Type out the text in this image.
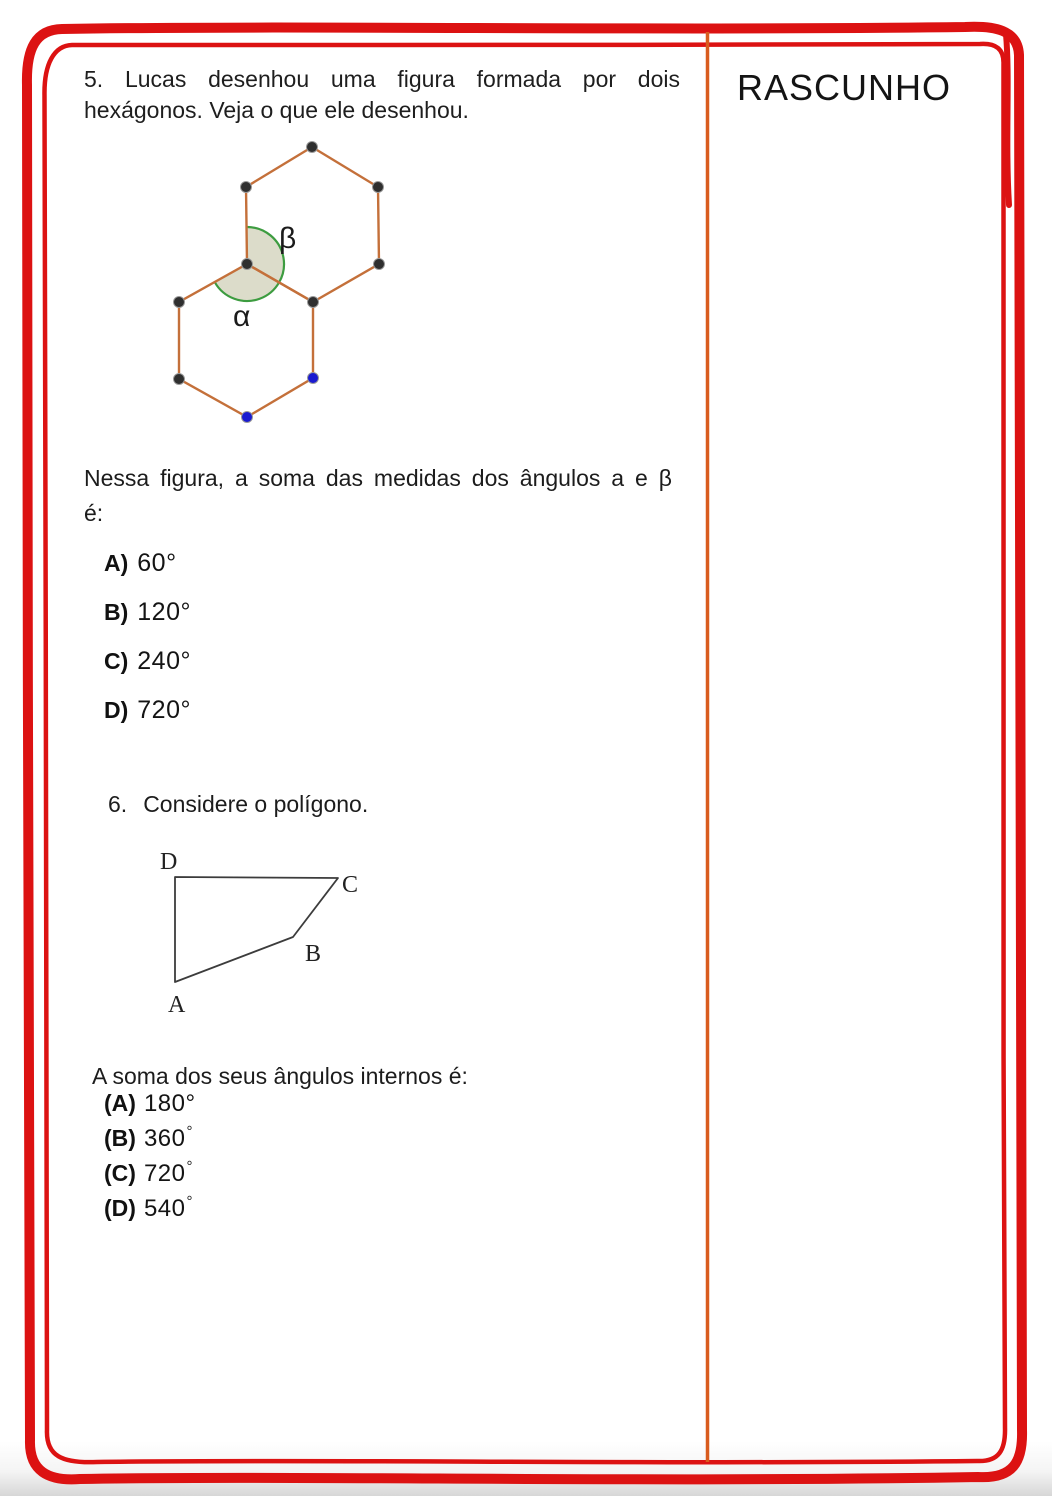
β
α
D
C
B
A
5. Lucas desenhou uma figura formada por dois
hexágonos. Veja o que ele desenhou.
Nessa figura, a soma das medidas dos ângulos a e β
é:
A) 60°
B) 120°
C) 240°
D) 720°
6. Considere o polígono.
A soma dos seus ângulos internos é:
(A) 180°
(B) 360°
(C) 720°
(D) 540°
RASCUNHO
